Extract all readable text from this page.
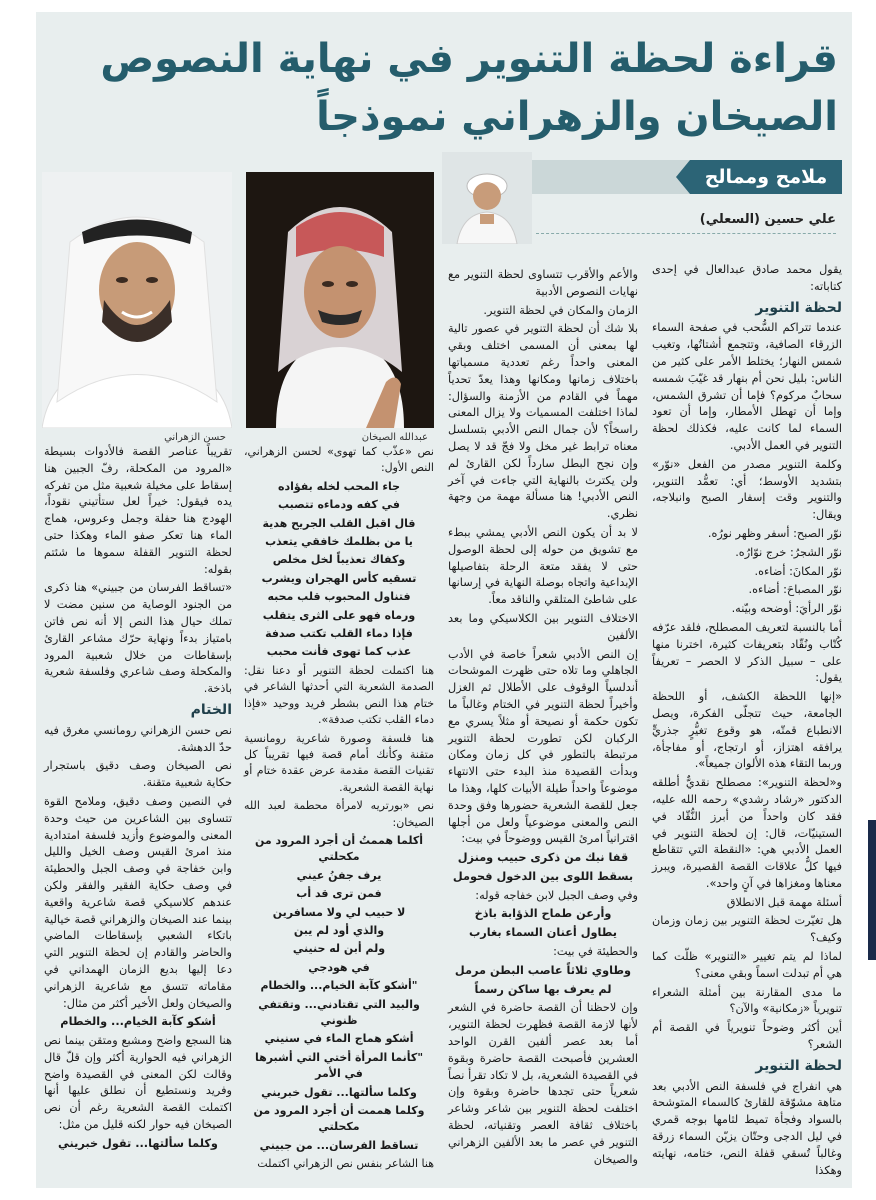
قراءة لحظة التنوير في نهاية النصوص
الصيخان والزهراني نموذجاً
ملامح وممالح
علي حسين (السعلي)
عبدالله الصيخان
حسن الزهراني

يقول محمد صادق عبدالعال في إحدى كتاباته:

لحظة التنوير

عندما تتراكم السُّحب في صفحة السماء الزرقاء الصافية، وتتجمع أشتاتُها، وتغيب شمس النهار؛ يختلط الأمر على كثير من الناس: بليل نحن أم بنهار قد غيّبَ شمسه سحابٌ مركوم؟ فإما أن تشرق الشمس، وإما أن تهطل الأمطار، وإما أن تعود السماء لما كانت عليه، فكذلك لحظة التنوير في العمل الأدبي.

وكلمة التنوير مصدر من الفعل «نوّر» بتشديد الأوسط؛ أي: تعمُّد التنوير، والتنوير وقت إسفار الصبح وانبلاجه، ويقال:

نوّر الصبح: أسفر وظهر نورُه.

نوّر الشجرُ: خرج نوّارُه.

نوّر المكانَ: أضاءه.

نوّر المصباحَ: أضاءه.

نوّر الرأيَ: أوضحه وبيّنه.

أما بالنسبة لتعريف المصطلح، فلقد عرّفه كُتّاب ونُقّاد بتعريفات كثيرة، اخترنا منها على – سبيل الذكر لا الحصر – تعريفاً يقول:

«إنها اللحظة الكشف، أو اللحظة الجامعة، حيث تتجلّى الفكرة، ويصل الانطباع قمتّه، هو وقوع تغيُّرٍ جذريٍّ يرافقه اهتزاز، أو ارتجاج، أو مفاجأة، وربما التقاء هذه الألوان جميعاً».

و«لحظة التنوير»: مصطلح نقديٌّ أطلقه الدكتور «رشاد رشدي» رحمه الله عليه، فقد كان واحداً من أبرز النُّقّاد في الستينيّات، قال: إن لحظة التنوير في العمل الأدبي هي: «النقطة التي تتقاطع فيها كلُّ علاقات القصة القصيرة، ويبرز معناها ومغزاها في آنٍ واحد».

أسئلة مهمة قبل الانطلاق

هل تغيّرت لحظة التنوير بين زمان وزمان وكيف؟

لماذا لم يتم تغيير «التنوير» ظلّت كما هي أم تبدلت اسماً وبقي معنى؟

ما مدى المقارنة بين أمثلة الشعراء تنويرياً «زمكانية» والآن؟

أين أكثر وضوحاً تنويرياً في القصة أم الشعر؟

لحظة التنوير

هي انفراج في فلسفة النص الأدبي بعد متاهة مشوّقة للقارئ كالسماء المتوشحة بالسواد وفجأة تميط لثامها بوجه قمري في ليل الدجى وحتّان يزيّن السماء زرقة وغالباً تُسقي قفلة النص، ختامه، نهايته وهكذا

والأعم والأقرب تتساوى لحظة التنوير مع نهايات النصوص الأدبية

الزمان والمكان في لحظة التنوير.

بلا شك أن لحظة التنوير في عصور تالية لها بمعنى أن المسمى اختلف وبقي المعنى واحداً رغم تعددية مسمياتها باختلاف زمانها ومكانها وهذا يعدّ تحدياً مهماً في القادم من الأزمنة والسؤال: لماذا اختلفت المسميات ولا يزال المعنى راسخاً؟ لأن جمال النص الأدبي بتسلسل معناه ترابط غير مخل ولا فجّ قد لا يصل وإن نجح البطل سارداً لكن القارئ لم ولن يكترث بالنهاية التي جاءت في آخر النص الأدبي! هنا مسألة مهمة من وجهة نظري.

لا بد أن يكون النص الأدبي يمشي ببطء مع تشويق من حوله إلى لحظة الوصول حتى لا يفقد متعة الرحلة بتفاصيلها الإبداعية واتجاه بوصلة النهاية في إرسانها على شاطئ المتلقي والناقد معاً.

الاختلاف التنوير بين الكلاسيكي وما بعد الألفين

إن النص الأدبي شعراً خاصة في الأدب الجاهلي وما تلاه حتى ظهرت الموشحات أندلسياً الوقوف على الأطلال ثم الغزل وأخيراً لحظة التنوير في الختام وغالباً ما تكون حكمة أو نصيحة أو مثلاً يسري مع الركبان لكن تطورت لحظة التنوير مرتبطة بالتطور في كل زمان ومكان وبدأت القصيدة منذ البدء حتى الانتهاء موضوعاً واحداً طيلة الأبيات كلها، وهذا ما جعل للقصة الشعرية حضورها وفق وحدة النص والمعنى موضوعياً ولعل من أجلها اقترانياً امرئ القيس ووضوحاً في بيت:

قفا نبك من ذكرى حبيب ومنزل

بسقط اللوى بين الدخول فحومل

وفي وصف الجبل لابن خفاجه قوله:

وأرعن طماح الذؤابة باذخ

يطاول أعنان السماء بغارب

والحطيئة في بيت:

وطاوي ثلاثاً عاصب البطن مرمل

لم يعرف بها ساكن رسماً

وإن لاحظنا أن القصة حاضرة في الشعر لأنها لازمة القصة فظهرت لحظة التنوير، أما بعد عصر ألفين القرن الواحد العشرين فأصبحت القصة حاضرة وبقوة في القصيدة الشعرية، بل لا تكاد تقرأ نصاً شعرياً حتى تجدها حاضرة وبقوة وإن اختلفت لحظة التنوير بين شاعر وشاعر باختلاف ثقافة العصر وتقنياته، لحظة التنوير في عصر ما بعد الألفين الزهراني والصيخان

نص «عذّب كما تهوى» لحسن الزهراني، النص الأول:

جاء المحب لخله بفؤاده

في كفه ودماءه تتصبب

قال اقبل القلب الجريح هدية

يا من بظلمك خافقي يتعذب

وكفاك تعذيباً لخل مخلص

تسقيه كأس الهجران ويشرب

فتناول المحبوب قلب محبه

ورماه فهو على الثرى يتقلب

فإذا دماء القلب تكتب صدفة

عذب كما تهوى فأنت محبب

هنا اكتملت لحظة التنوير أو دعنا نقل: الصدمة الشعرية التي أحدثها الشاعر في ختام هذا النص بشطر فريد ووحيد «فإذا دماء القلب تكتب صدفة».

هنا فلسفة وصورة شاعرية رومانسية متقنة وكأنك أمام قصة فيها تقريباً كل تقنيات القصة مقدمة عرض عقدة ختام أو نهاية القصة الشعرية.

نص «بورتريه لامرأة محطمة لعبد الله الصيخان:

أكلما هممتُ أن أجرد المرود من مكحلتي

يرف جفنُ عيني

فمن ترى قد أب

لا حبيب لي ولا مسافرين

والذي أود لم يبن

ولم أبن له حنيني

في هودجي

"أشكو كآبة الخيام... والخطام

والبيد التي تقتادني... وتقتفي ظنوني

أشكو هماج الماء في سنيني

"كأنما المرأة أختي التي أشبرها في الأمر

وكلما سألتها... تقول خبريني

وكلما هممت أن أجرد المرود من مكحلتي

تساقط الفرسان... من جبيني

هنا الشاعر بنفس نص الزهراني اكتملت

تقريباً عناصر القصة فالأدوات بسيطة «المرود من المكحلة، رفّ الجبين هنا إسقاط على مخيلة شعبية مثل من تفركه يده فيقول: خيراً لعل ستأتيني نقوداً، الهودج هنا حفلة وجمل وعروس، هماج الماء هنا تعكر صفو الماء وهكذا حتى لحظة التنوير القفلة سموها ما شئتم بقوله:

«تساقط الفرسان من جبيني» هنا ذكرى من الجنود الوصاية من سنين مضت لا تملك حيال هذا النص إلا أنه نص فاتن بامتياز بدءاً ونهاية حرّك مشاعر القارئ بإسقاطات من خلال شعبية المرود والمكحلة وصف شاعري وفلسفة شعرية باذخة.

الختام

نص حسن الزهراني رومانسي مغرق فيه حدّ الدهشة.

نص الصيخان وصف دقيق باستجرار حكاية شعبية متقنة.

في النصين وصف دقيق، وملامح القوة تتساوى بين الشاعرين من حيث وحدة المعنى والموضوع وأزيد فلسفة امتدادية منذ امرئ القيس وصف الخيل والليل وابن خفاجة في وصف الجبل والحطيئة في وصف حكاية الفقير والفقر ولكن عندهم كلاسيكي قصة شاعرية واقعية بينما عند الصيخان والزهراني قصة خيالية باتكاء الشعبي بإسقاطات الماضي والحاضر والقادم إن لحظة التنوير التي دعا إليها بديع الزمان الهمداني في مقاماته تتسق مع شاعرية الزهراني والصيخان ولعل الأخير أكثر من مثال:

أشكو كآبة الخيام... والخطام

هنا السجع واضح ومشبع ومتقن بينما نص الزهراني فيه الحوارية أكثر وإن قلّ قال وقالت لكن المعنى في القصيدة واضح وفريد ونستطيع أن نطلق عليها أنها اكتملت القصة الشعرية رغم أن نص الصيخان فيه حوار لكنه قليل من مثل:

وكلما سألتها... تقول خبريني
